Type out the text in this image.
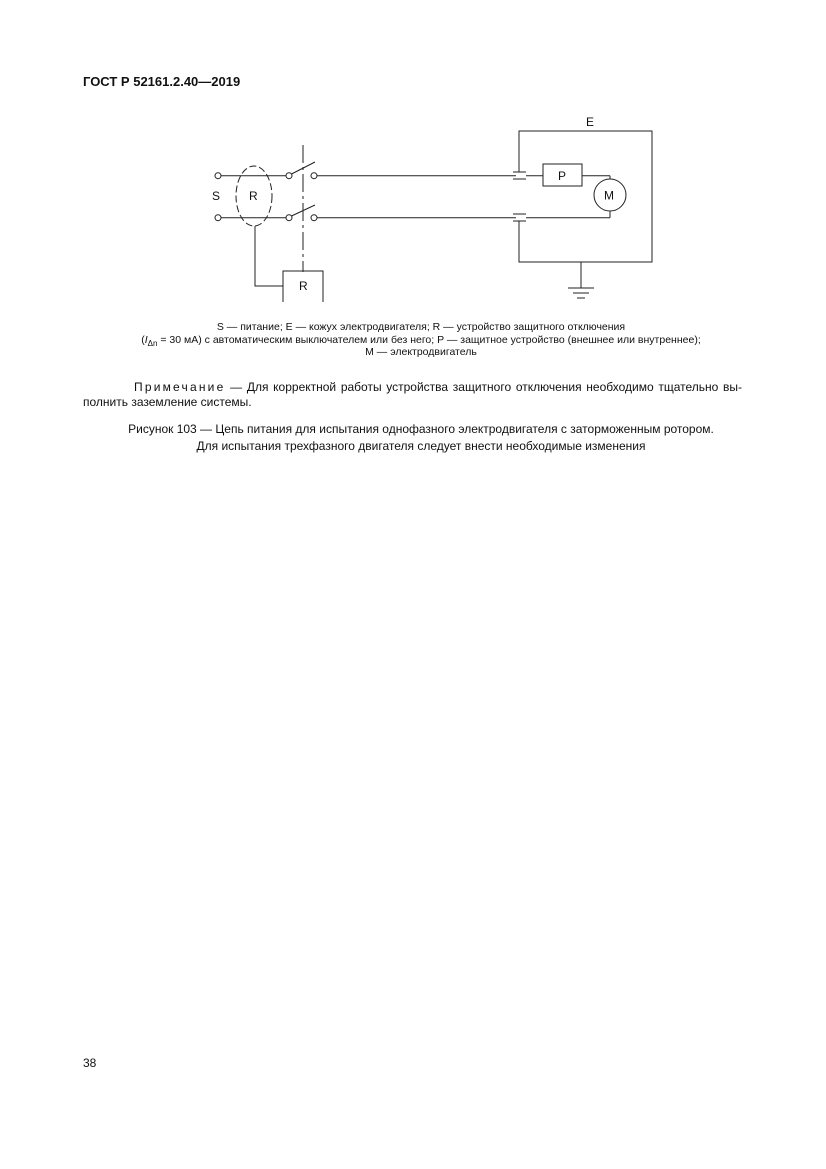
ГОСТ Р 52161.2.40—2019
R
S
R
E
P
M
S — питание; E — кожух электродвигателя; R — устройство защитного отключения
($I_{\Delta n} = 30$ мА) с автоматическим выключателем или без него; P — защитное устройство (внешнее или внутреннее);
M — электродвигатель
Примечание — Для корректной работы устройства защитного отключения необходимо тщательно вы-полнить заземление системы.
Рисунок 103 — Цепь питания для испытания однофазного электродвигателя с заторможенным ротором.
Для испытания трехфазного двигателя следует внести необходимые изменения
38
